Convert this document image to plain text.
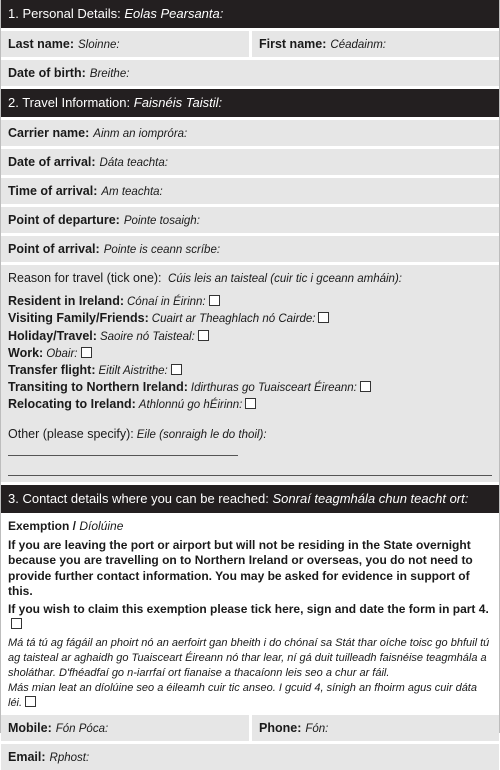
1. Personal Details: Eolas Pearsanta:
Last name: Sloinne:	First name: Céadainm:
Date of birth: Breithe:
2. Travel Information: Faisnéis Taistil:
Carrier name: Ainm an iompróra:
Date of arrival: Dáta teachta:
Time of arrival: Am teachta:
Point of departure: Pointe tosaigh:
Point of arrival: Pointe is ceann scríbe:
Reason for travel (tick one): Cúis leis an taisteal (cuir tic i gceann amháin):
Resident in Ireland: Cónaí in Éirinn:
Visiting Family/Friends: Cuairt ar Theaghlach nó Cairde:
Holiday/Travel: Saoire nó Taisteal:
Work: Obair:
Transfer flight: Eitilt Aistrithe:
Transiting to Northern Ireland: Idirthuras go Tuaisceart Éireann:
Relocating to Ireland: Athlonnú go hÉirinn:
Other (please specify): Eile (sonraigh le do thoil):
3. Contact details where you can be reached: Sonraí teagmhála chun teacht ort:

Exemption / Díolúine

If you are leaving the port or airport but will not be residing in the State overnight because you are travelling on to Northern Ireland or overseas, you do not need to provide further contact information. You may be asked for evidence in support of this.

If you wish to claim this exemption please tick here, sign and date the form in part 4.

Má tá tú ag fágáil an phoirt nó an aerfoirt gan bheith i do chónaí sa Stát thar oíche toisc go bhfuil tú ag taisteal ar aghaidh go Tuaisceart Éireann nó thar lear, ní gá duit tuilleadh faisnéise teagmhála a sholáthar. D'fhéadfaí go n-iarrfaí ort fianaise a thacaíonn leis seo a chur ar fáil.

Más mian leat an díolúine seo a éileamh cuir tic anseo. I gcuid 4, sínigh an fhoirm agus cuir dáta léi.

Mobile: Fón Póca:	Phone: Fón:
Email: Rphost:
